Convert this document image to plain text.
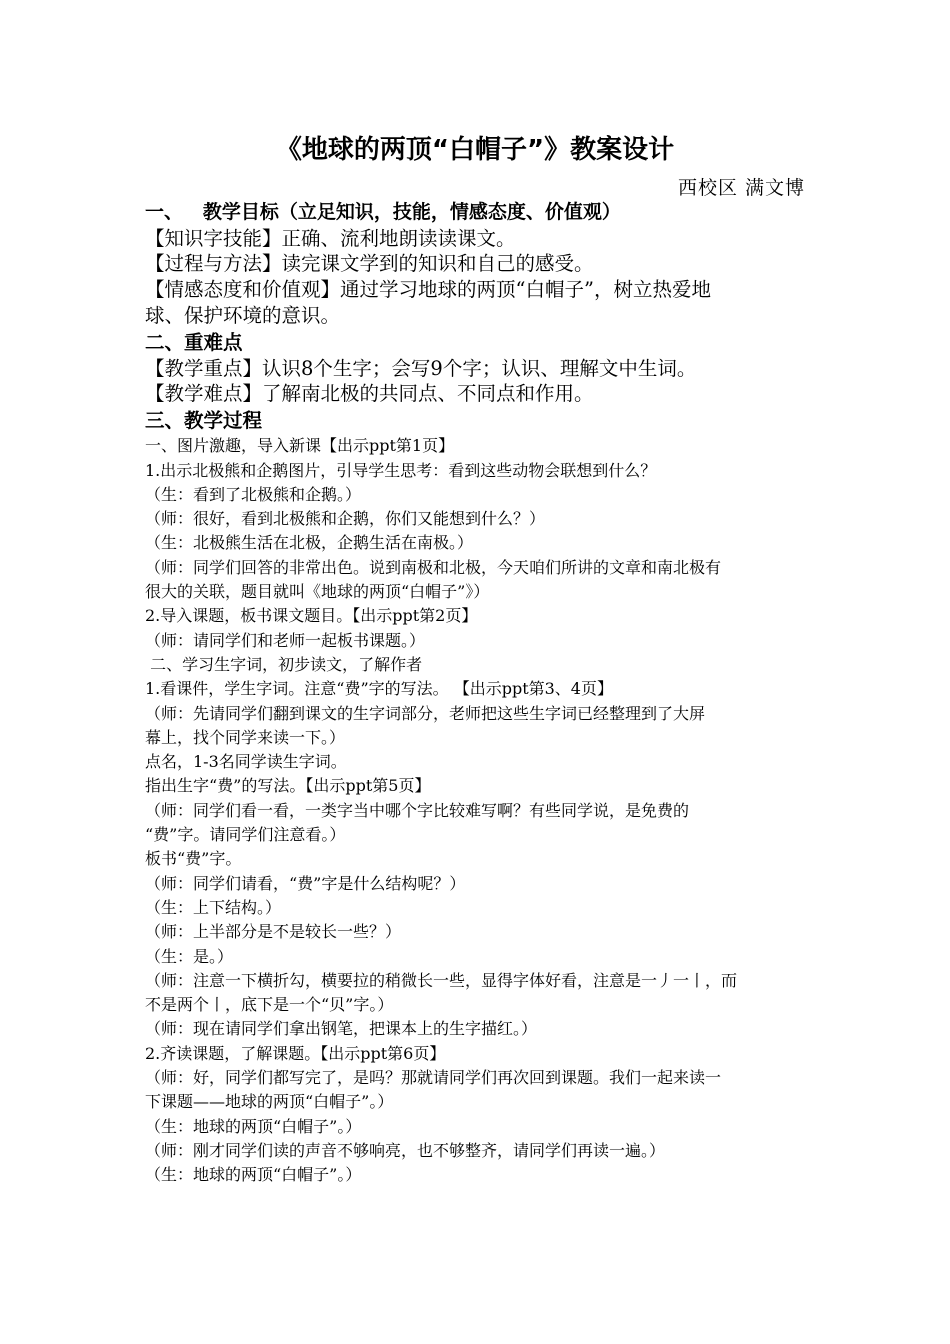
《地球的两顶“白帽子”》教案设计
西校区 满文博

一、   教学目标（立足知识，技能，情感态度、价值观）

【知识字技能】正确、流利地朗读读课文。

【过程与方法】读完课文学到的知识和自己的感受。

【情感态度和价值观】通过学习地球的两顶“白帽子”，树立热爱地

球、保护环境的意识。

二、重难点

【教学重点】认识8个生字；会写9个字；认识、理解文中生词。

【教学难点】了解南北极的共同点、不同点和作用。

三、教学过程

一、图片激趣，导入新课【出示ppt第1页】

1.出示北极熊和企鹅图片，引导学生思考：看到这些动物会联想到什么？

（生：看到了北极熊和企鹅。）

（师：很好，看到北极熊和企鹅，你们又能想到什么？）

（生：北极熊生活在北极，企鹅生活在南极。）

（师：同学们回答的非常出色。说到南极和北极，今天咱们所讲的文章和南北极有

很大的关联，题目就叫《地球的两顶“白帽子”》）

2.导入课题，板书课文题目。【出示ppt第2页】

（师：请同学们和老师一起板书课题。）

二、学习生字词，初步读文，了解作者

1.看课件，学生字词。注意“费”字的写法。 【出示ppt第3、4页】

（师：先请同学们翻到课文的生字词部分，老师把这些生字词已经整理到了大屏

幕上，找个同学来读一下。）

点名，1-3名同学读生字词。

指出生字“费”的写法。【出示ppt第5页】

（师：同学们看一看，一类字当中哪个字比较难写啊？有些同学说，是免费的

“费”字。请同学们注意看。）

板书“费”字。

（师：同学们请看，“费”字是什么结构呢？）

（生：上下结构。）

（师：上半部分是不是较长一些？）

（生：是。）

（师：注意一下横折勾，横要拉的稍微长一些，显得字体好看，注意是一丿一丨，而

不是两个丨，底下是一个“贝”字。）

（师：现在请同学们拿出钢笔，把课本上的生字描红。）

2.齐读课题，了解课题。【出示ppt第6页】

（师：好，同学们都写完了，是吗？那就请同学们再次回到课题。我们一起来读一

下课题——地球的两顶“白帽子”。）

（生：地球的两顶“白帽子”。）

（师：刚才同学们读的声音不够响亮，也不够整齐，请同学们再读一遍。）

（生：地球的两顶“白帽子”。）
